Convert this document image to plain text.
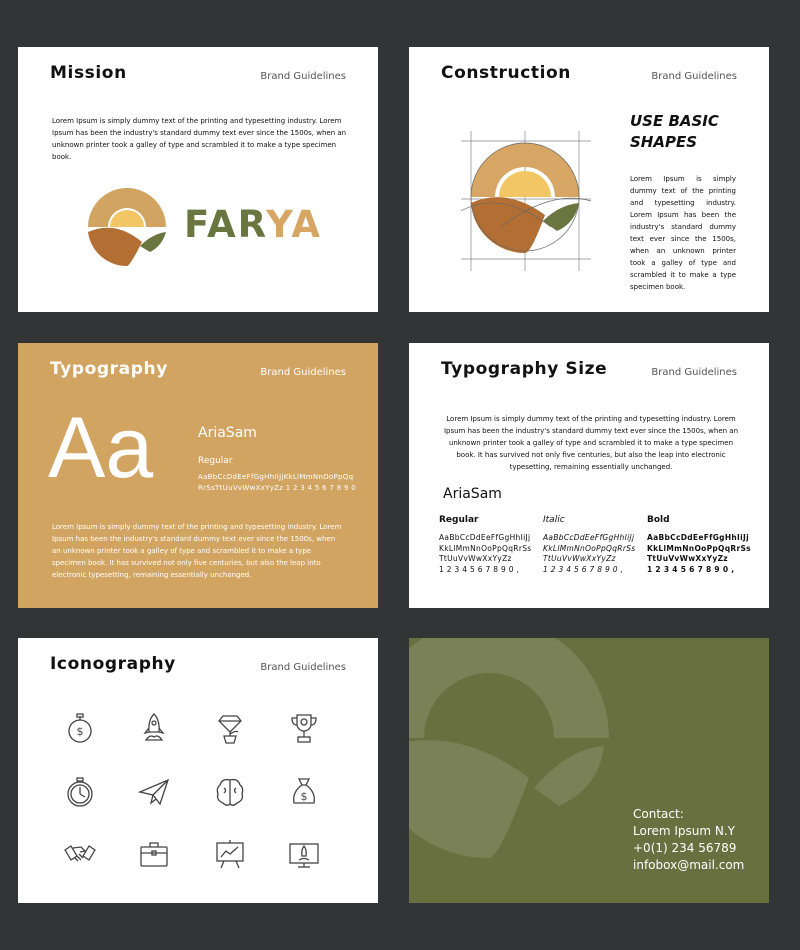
Mission	Brand Guidelines
Lorem Ipsum is simply dummy text of the printing and typesetting industry. Lorem Ipsum has been the industry's standard dummy text ever since the 1500s, when an unknown printer took a galley of type and scrambled it to make a type specimen book.
FARYA
Construction	Brand Guidelines
USE BASIC
SHAPES
Lorem Ipsum is simply dummy text of the printing and typesetting industry. Lorem Ipsum has been the industry's standard dummy text ever since the 1500s, when an unknown printer took a galley of type and scrambled it to make a type specimen book.
Typography	Brand Guidelines
Aa	AriaSam
Regular
AaBbCcDdEeFfGgHhIiJjKkLlMmNnOoPpQq
RrSsTtUuVvWwXxYyZz 1 2 3 4 5 6 7 8 9 0
Lorem Ipsum is simply dummy text of the printing and typesetting industry. Lorem Ipsum has been the industry's standard dummy text ever since the 1500s, when an unknown printer took a galley of type and scrambled it to make a type specimen book. It has survived not only five centuries, but also the leap into electronic typesetting, remaining essentially unchanged.
Typography Size	Brand Guidelines
Lorem Ipsum is simply dummy text of the printing and typesetting industry. Lorem Ipsum has been the industry's standard dummy text ever since the 1500s, when an unknown printer took a galley of type and scrambled it to make a type specimen book. It has survived not only five centuries, but also the leap into electronic typesetting, remaining essentially unchanged.
AriaSam
Regular
AaBbCcDdEeFfGgHhIiJj
KkLlMmNnOoPpQqRrSs
TtUuVvWwXxYyZz
1 2 3 4 5 6 7 8 9 0 ,
Italic
AaBbCcDdEeFfGgHhIiJj
KkLlMmNnOoPpQqRrSs
TtUuVvWwXxYyZz
1 2 3 4 5 6 7 8 9 0 ,
Bold
AaBbCcDdEeFfGgHhIiJj
KkLlMmNnOoPpQqRrSs
TtUuVvWwXxYyZz
1 2 3 4 5 6 7 8 9 0 ,
Iconography	Brand Guidelines
$
$
Contact:
Lorem Ipsum N.Y
+0(1) 234 56789
infobox@mail.com
